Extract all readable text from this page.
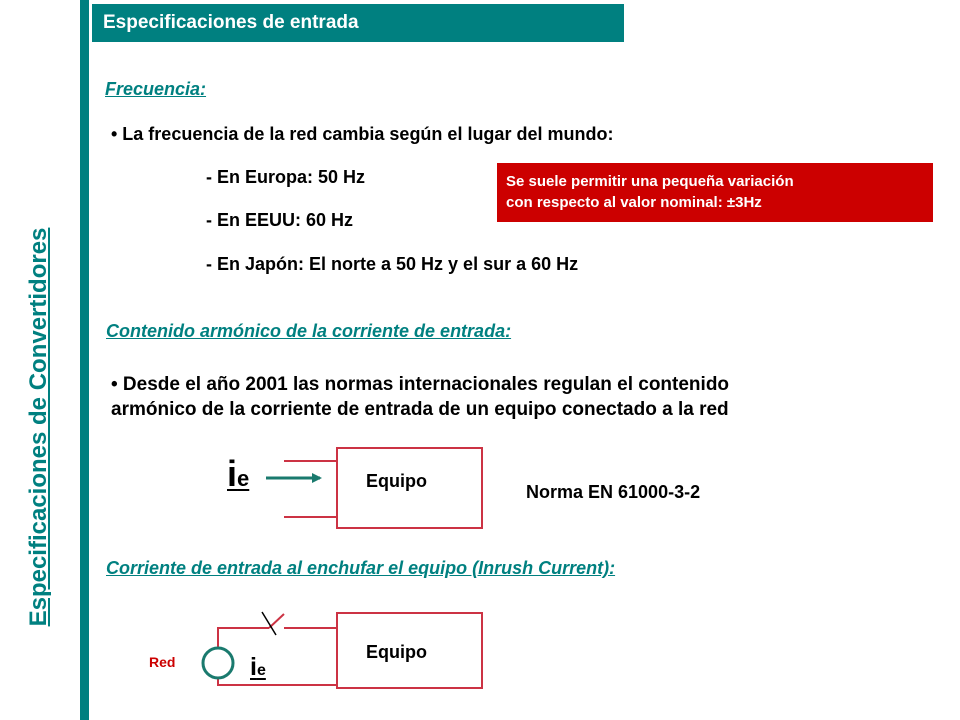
Especificaciones de Convertidores
Especificaciones de entrada
Frecuencia:
• La frecuencia de la red cambia según el lugar del mundo:
- En Europa: 50 Hz
- En EEUU: 60 Hz
- En Japón: El norte a 50 Hz y el sur a 60 Hz
Se suele permitir una pequeña variación
con respecto al valor nominal: ±3Hz
Contenido armónico de la corriente de entrada:
• Desde el año 2001 las normas internacionales regulan el contenido
armónico de la corriente de entrada de un equipo conectado a la red
ie	Equipo
Norma EN 61000-3-2
Corriente de entrada al enchufar el equipo (Inrush Current):
Red	ie
Equipo
